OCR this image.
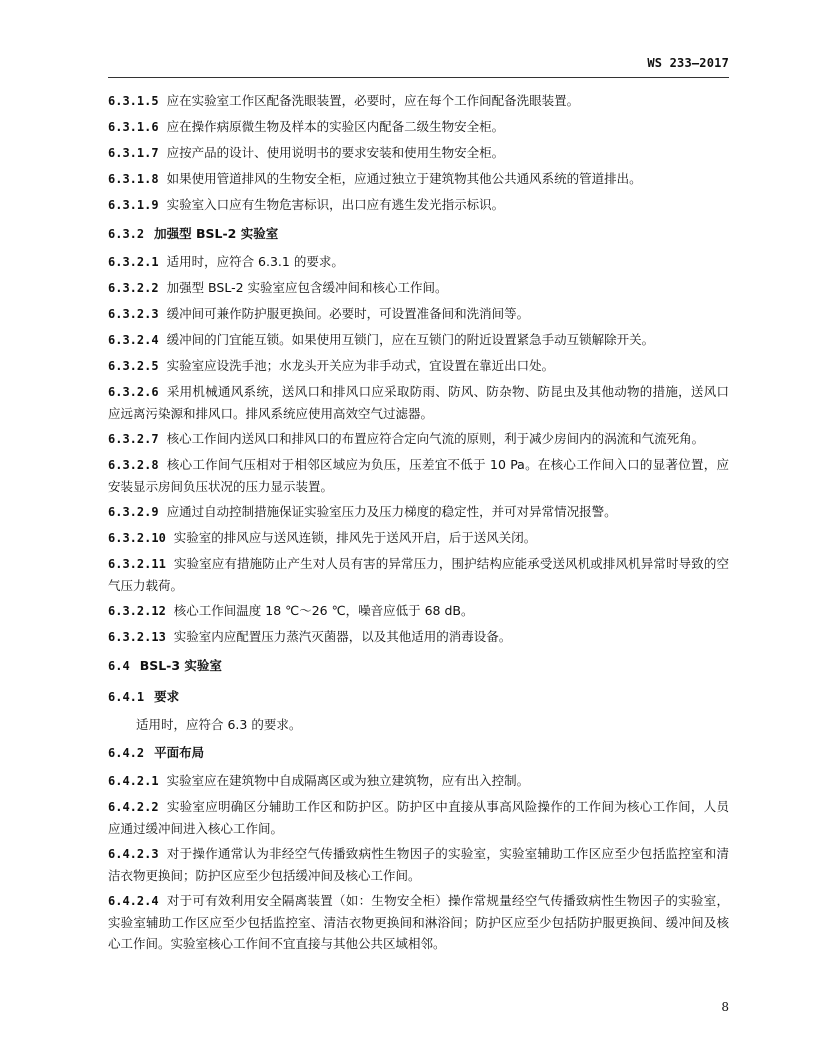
WS 233—2017
6.3.1.5 应在实验室工作区配备洗眼装置，必要时，应在每个工作间配备洗眼装置。
6.3.1.6 应在操作病原微生物及样本的实验区内配备二级生物安全柜。
6.3.1.7 应按产品的设计、使用说明书的要求安装和使用生物安全柜。
6.3.1.8 如果使用管道排风的生物安全柜，应通过独立于建筑物其他公共通风系统的管道排出。
6.3.1.9 实验室入口应有生物危害标识，出口应有逃生发光指示标识。
6.3.2 加强型 BSL-2 实验室
6.3.2.1 适用时，应符合 6.3.1 的要求。
6.3.2.2 加强型 BSL-2 实验室应包含缓冲间和核心工作间。
6.3.2.3 缓冲间可兼作防护服更换间。必要时，可设置准备间和洗消间等。
6.3.2.4 缓冲间的门宜能互锁。如果使用互锁门，应在互锁门的附近设置紧急手动互锁解除开关。
6.3.2.5 实验室应设洗手池；水龙头开关应为非手动式，宜设置在靠近出口处。
6.3.2.6 采用机械通风系统，送风口和排风口应采取防雨、防风、防杂物、防昆虫及其他动物的措施，送风口应远离污染源和排风口。排风系统应使用高效空气过滤器。
6.3.2.7 核心工作间内送风口和排风口的布置应符合定向气流的原则，利于减少房间内的涡流和气流死角。
6.3.2.8 核心工作间气压相对于相邻区域应为负压，压差宜不低于 10 Pa。在核心工作间入口的显著位置，应安装显示房间负压状况的压力显示装置。
6.3.2.9 应通过自动控制措施保证实验室压力及压力梯度的稳定性，并可对异常情况报警。
6.3.2.10 实验室的排风应与送风连锁，排风先于送风开启，后于送风关闭。
6.3.2.11 实验室应有措施防止产生对人员有害的异常压力，围护结构应能承受送风机或排风机异常时导致的空气压力载荷。
6.3.2.12 核心工作间温度 18 ℃～26 ℃，噪音应低于 68 dB。
6.3.2.13 实验室内应配置压力蒸汽灭菌器，以及其他适用的消毒设备。
6.4 BSL-3 实验室
6.4.1 要求
适用时，应符合 6.3 的要求。
6.4.2 平面布局
6.4.2.1 实验室应在建筑物中自成隔离区或为独立建筑物，应有出入控制。
6.4.2.2 实验室应明确区分辅助工作区和防护区。防护区中直接从事高风险操作的工作间为核心工作间，人员应通过缓冲间进入核心工作间。
6.4.2.3 对于操作通常认为非经空气传播致病性生物因子的实验室，实验室辅助工作区应至少包括监控室和清洁衣物更换间；防护区应至少包括缓冲间及核心工作间。
6.4.2.4 对于可有效利用安全隔离装置（如：生物安全柜）操作常规量经空气传播致病性生物因子的实验室，实验室辅助工作区应至少包括监控室、清洁衣物更换间和淋浴间；防护区应至少包括防护服更换间、缓冲间及核心工作间。实验室核心工作间不宜直接与其他公共区域相邻。
8
